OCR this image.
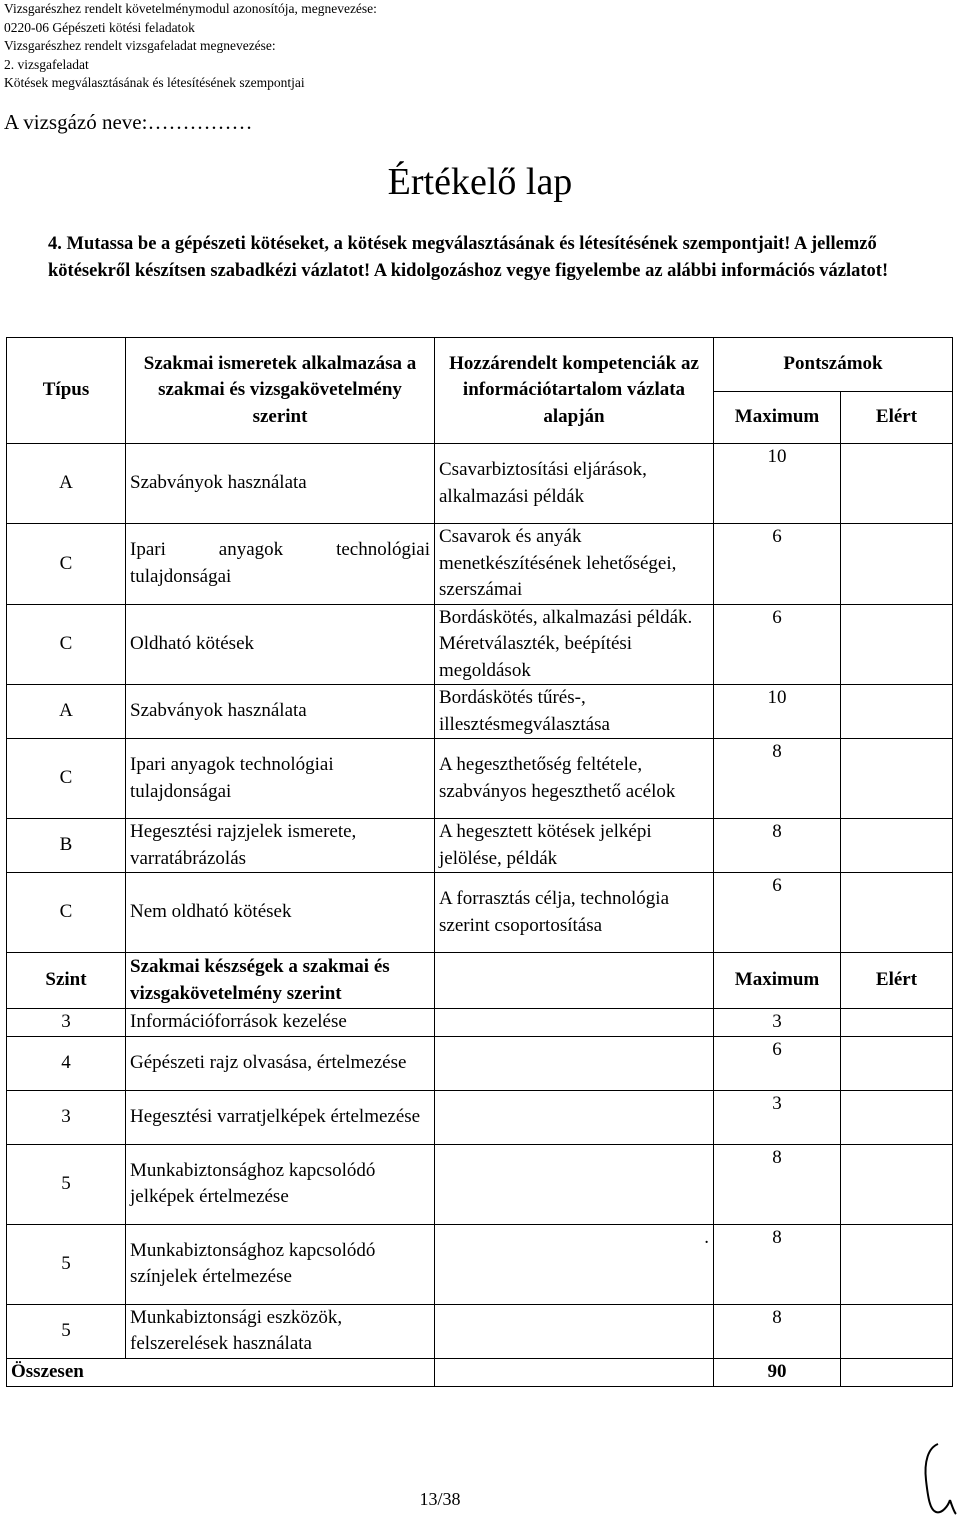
Vizsgarészhez rendelt követelménymodul azonosítója, megnevezése:
0220-06 Gépészeti kötési feladatok
Vizsgarészhez rendelt vizsgafeladat megnevezése:
2. vizsgafeladat
Kötések megválasztásának és létesítésének szempontjai
A vizsgázó neve:……………
Értékelő lap
4. Mutassa be a gépészeti kötéseket, a kötések megválasztásának és létesítésének szempontjait! A jellemző kötésekről készítsen szabadkézi vázlatot! A kidolgozáshoz vegye figyelembe az alábbi információs vázlatot!
Típus	Szakmai ismeretek alkalmazása a szakmai és vizsgakövetelmény szerint	Hozzárendelt kompetenciák az információtartalom vázlata alapján	Pontszámok	
			Maximum	Elért
A	Szabványok használata	Csavarbiztosítási eljárások, alkalmazási példák	10	
C	Ipari anyagok technológiai tulajdonságai	Csavarok és anyák menetkészítésének lehetőségei, szerszámai	6	
C	Oldható kötések	Bordáskötés, alkalmazási példák. Méretválaszték, beépítési megoldások	6	
A	Szabványok használata	Bordáskötés tűrés-, illesztésmegválasztása	10	
C	Ipari anyagok technológiai tulajdonságai	A hegeszthetőség feltétele, szabványos hegeszthető acélok	8	
B	Hegesztési rajzjelek ismerete, varratábrázolás	A hegesztett kötések jelképi jelölése, példák	8	
C	Nem oldható kötések	A forrasztás célja, technológia szerint csoportosítása	6	
Szint	Szakmai készségek a szakmai és vizsgakövetelmény szerint		Maximum	Elért
3	Információforrások kezelése		3	
4	Gépészeti rajz olvasása, értelmezése		6	
3	Hegesztési varratjelképek értelmezése		3	
5	Munkabiztonsághoz kapcsolódó jelképek értelmezése		8	
5	Munkabiztonsághoz kapcsolódó színjelek értelmezése	.	8	
5	Munkabiztonsági eszközök, felszerelések használata		8	
Összesen			90	
13/38
